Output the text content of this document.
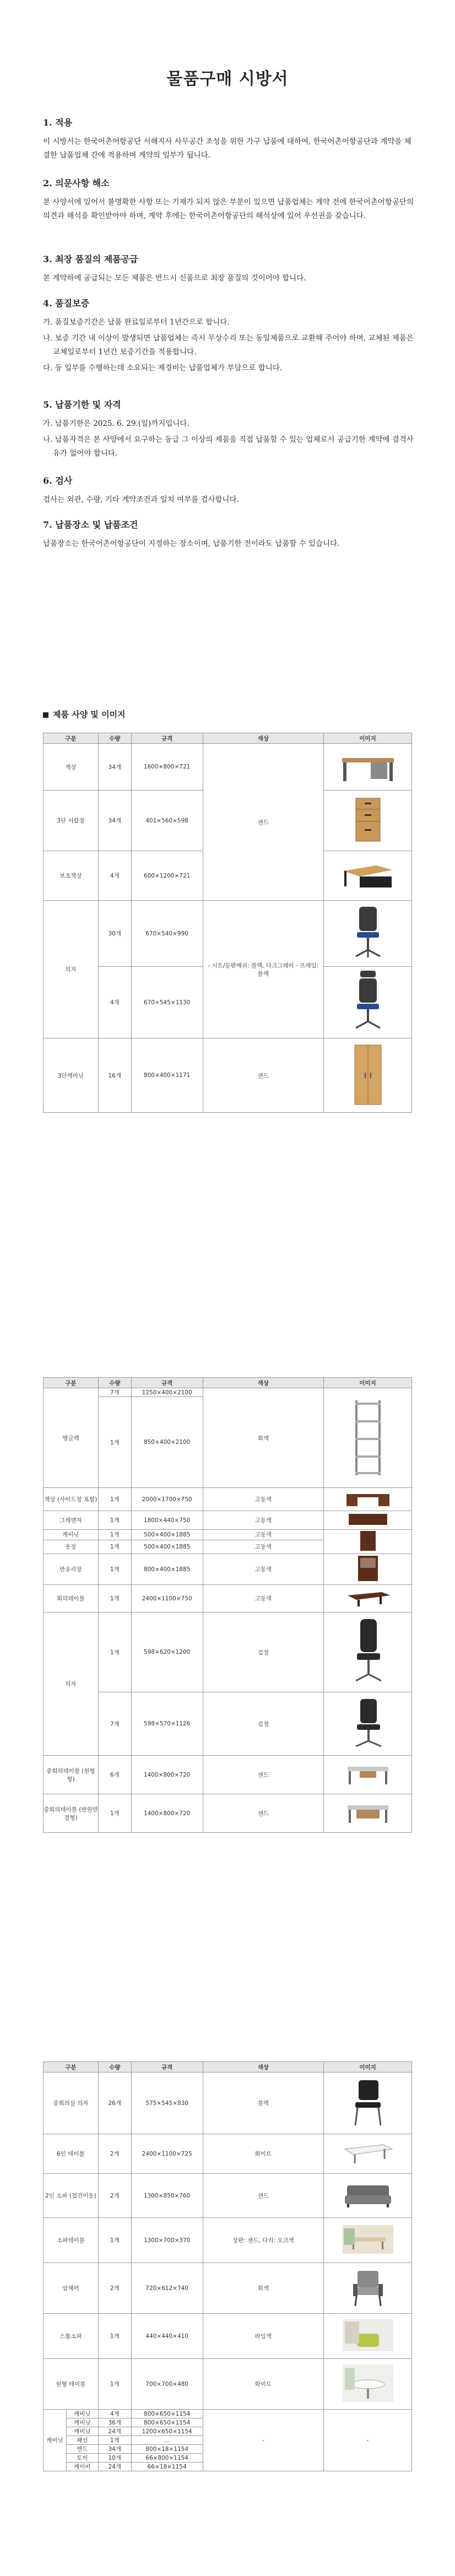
물품구매 시방서
1. 적용

이 시방서는 한국어촌어항공단 서해지사 사무공간 조성을 위한 가구 납품에 대하여, 한국어촌어항공단과 계약을 체결한 납품업체 간에 적용하며 계약의 일부가 됩니다.

2. 의문사항 해소

본 사양서에 있어서 불명확한 사항 또는 기재가 되지 않은 부분이 있으면 납품업체는 계약 전에 한국어촌어항공단의 의견과 해석을 확인받아야 하며, 계약 후에는 한국어촌어항공단의 해석상에 있어 우선권을 갖습니다.

3. 최장 품질의 제품공급

본 계약하에 공급되는 모든 제품은 반드시 신품으로 최장 품질의 것이어야 합니다.

4. 품질보증

가. 품질보증기간은 납품 완료일로부터 1년간으로 합니다.

나. 보증 기간 내 이상이 발생되면 납품업체는 즉시 무상수리 또는 동일제품으로 교환해 주어야 하며, 교체된 제품은 교체일로부터 1년간 보증기간을 적용합니다.

다. 동 일부를 수행하는데 소요되는 제경비는 납품업체가 부담으로 합니다.

5. 납품기한 및 자격

가. 납품기한은 2025. 6. 29.(일)까지입니다.

나. 납품자격은 본 사양에서 요구하는 동급 그 이상의 제품을 직접 납품할 수 있는 업체로서 공급기한 계약에 결격사유가 없어야 합니다.

6. 검사

검사는 외관, 수량, 기타 계약조건과 일치 여부를 검사합니다.

7. 납품장소 및 납품조건

납품장소는 한국어촌어항공단이 지정하는 장소이며, 납품기한 전이라도 납품할 수 있습니다.

제품 사양 및 이미지
구분	수량	규격	색상	이미지
책상	34개	1600×800×721	샌드	
3단 서랍장	34개	401×560×598	
보조책상	4개	600×1200×721	
의자	30개	670×540×990	- 시트/등판메쉬: 블랙, 다크그레이 - 프레임: 블랙	
	4개	670×545×1130	
3단캐비닛	16개	800×400×1171	샌드	
구분	수량	규격	색상	이미지
앵글랙	7개	1250×400×2100	회색	
	1개	850×400×2100		
책상 (사이드장 포함)	1개	2000×1700×750	고동색	
그레덴자	1개	1800×440×750	고동색	
캐비닛	1개	500×400×1885	고동색	
옷장	1개	500×400×1885	고동색	
반유리장	1개	800×400×1885	고동색	
회의테이블	1개	2400×1100×750	고동색	
의자	1개	598×620×1200	검정	
	7개	598×570×1126	검정	
중회의테이블 (원형형)	6개	1400×800×720	샌드	
중회의테이블 (반원연결형)	1개	1400×800×720	샌드	
구분		수량	규격	색상	이미지
중회의실 의자		26개	575×545×830	블랙	
6인 테이블		2개	2400×1100×725	화이트	
2인 소파 (접견이동)		2개	1300×850×760	샌드	
소파테이블		1개	1300×700×370	상판: 샌드, 다리: 오크색	
암체어		2개	720×612×740	회색	
스툴소파		1개	440×440×410	라임색	
원형 테이블		1개	700×700×480	화이트	
캐비닛	캐비닛	4개	800×650×1154	-	-
	캐비닛	36개	800×650×1154		
	캐비닛	24개	1200×650×1154		
	패션	1개	...		
	엔드	34개	800×18×1154		
	토이	10개	66×800×1154		
	케이비	24개	66×18×1154		
